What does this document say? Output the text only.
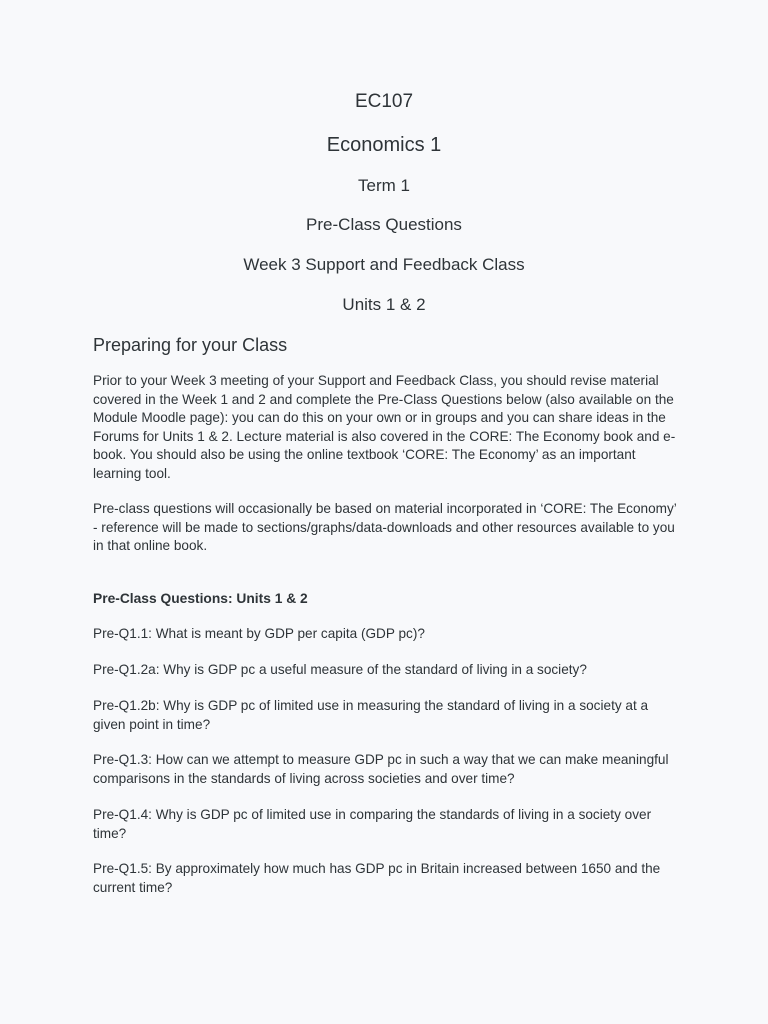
EC107
Economics 1
Term 1
Pre-Class Questions
Week 3 Support and Feedback Class
Units 1 & 2
Preparing for your Class

Prior to your Week 3 meeting of your Support and Feedback Class, you should revise material covered in the Week 1 and 2 and complete the Pre-Class Questions below (also available on the Module Moodle page): you can do this on your own or in groups and you can share ideas in the Forums for Units 1 & 2. Lecture material is also covered in the CORE: The Economy book and e-book. You should also be using the online textbook ‘CORE: The Economy’ as an important learning tool.

Pre-class questions will occasionally be based on material incorporated in ‘CORE: The Economy’ - reference will be made to sections/graphs/data-downloads and other resources available to you in that online book.

Pre-Class Questions: Units 1 & 2

Pre-Q1.1: What is meant by GDP per capita (GDP pc)?

Pre-Q1.2a: Why is GDP pc a useful measure of the standard of living in a society?

Pre-Q1.2b: Why is GDP pc of limited use in measuring the standard of living in a society at a given point in time?

Pre-Q1.3: How can we attempt to measure GDP pc in such a way that we can make meaningful comparisons in the standards of living across societies and over time?

Pre-Q1.4: Why is GDP pc of limited use in comparing the standards of living in a society over time?

Pre-Q1.5: By approximately how much has GDP pc in Britain increased between 1650 and the current time?
